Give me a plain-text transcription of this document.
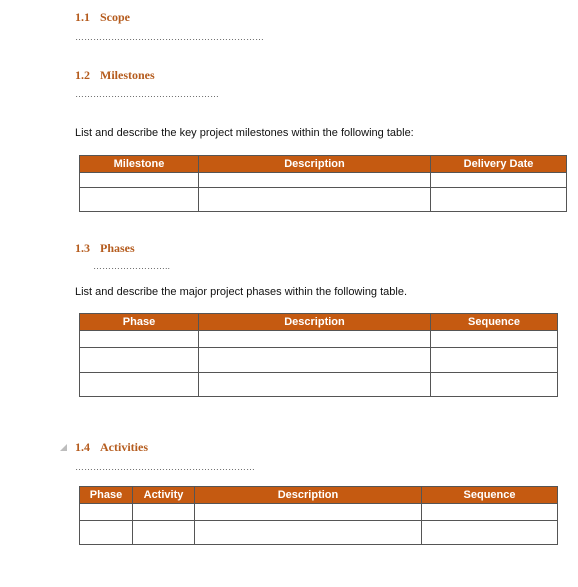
1.1 Scope
………………………………………………………
1.2 Milestones
…………………………………………
List and describe the key project milestones within the following table:
Milestone	Description	Delivery Date

1.3 Phases
……………………..
List and describe the major project phases within the following table.
Phase	Description	Sequence

1.4 Activities
……………………………………………………
Phase	Activity	Description	Sequence
